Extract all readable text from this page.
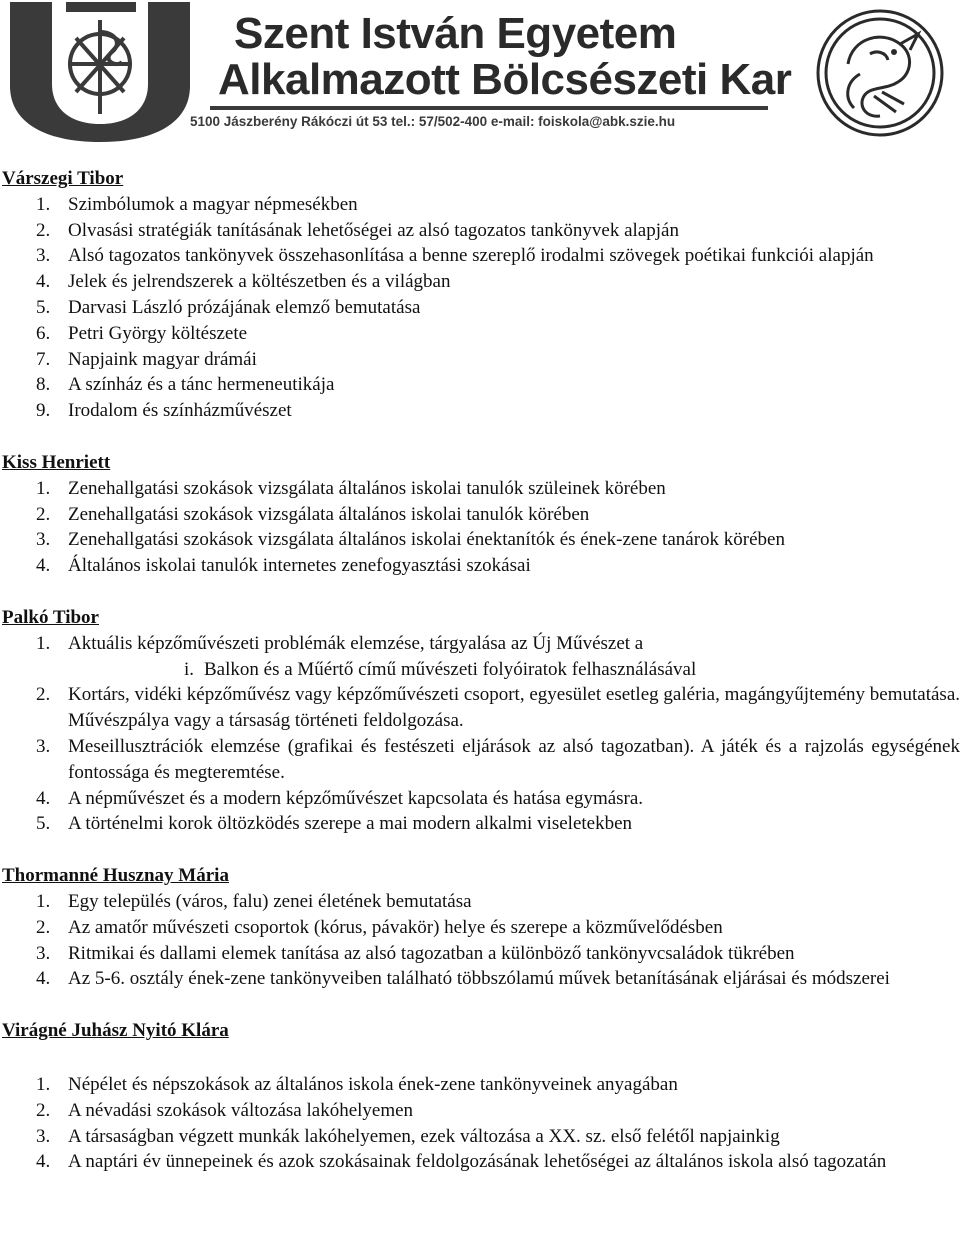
Szent István Egyetem
Alkalmazott Bölcsészeti Kar
5100 Jászberény Rákóczi út 53 tel.: 57/502-400 e-mail: foiskola@abk.szie.hu
Várszegi Tibor
1. Szimbólumok a magyar népmesékben
2. Olvasási stratégiák tanításának lehetőségei az alsó tagozatos tankönyvek alapján
3. Alsó tagozatos tankönyvek összehasonlítása a benne szereplő irodalmi szövegek poétikai funkciói alapján
4. Jelek és jelrendszerek a költészetben és a világban
5. Darvasi László prózájának elemző bemutatása
6. Petri György költészete
7. Napjaink magyar drámái
8. A színház és a tánc hermeneutikája
9. Irodalom és színházművészet
Kiss Henriett
1. Zenehallgatási szokások vizsgálata általános iskolai tanulók szüleinek körében
2. Zenehallgatási szokások vizsgálata általános iskolai tanulók körében
3. Zenehallgatási szokások vizsgálata általános iskolai énektanítók és ének-zene tanárok körében
4. Általános iskolai tanulók internetes zenefogyasztási szokásai
Palkó Tibor
1. Aktuális képzőművészeti problémák elemzése, tárgyalása az Új Művészet a
i. Balkon és a Műértő című művészeti folyóiratok felhasználásával
2. Kortárs, vidéki képzőművész vagy képzőművészeti csoport, egyesület esetleg galéria, magángyűjtemény bemutatása. Művészpálya vagy a társaság történeti feldolgozása.
3. Meseillusztrációk elemzése (grafikai és festészeti eljárások az alsó tagozatban). A játék és a rajzolás egységének fontossága és megteremtése.
4. A népművészet és a modern képzőművészet kapcsolata és hatása egymásra.
5. A történelmi korok öltözködés szerepe a mai modern alkalmi viseletekben
Thormanné Husznay Mária
1. Egy település (város, falu) zenei életének bemutatása
2. Az amatőr művészeti csoportok (kórus, pávakör) helye és szerepe a közművelődésben
3. Ritmikai és dallami elemek tanítása az alsó tagozatban a különböző tankönyvcsaládok tükrében
4. Az 5-6. osztály ének-zene tankönyveiben található többszólamú művek betanításának eljárásai és módszerei
Virágné Juhász Nyitó Klára
1. Népélet és népszokások az általános iskola ének-zene tankönyveinek anyagában
2. A névadási szokások változása lakóhelyemen
3. A társaságban végzett munkák lakóhelyemen, ezek változása a XX. sz. első felétől napjainkig
4. A naptári év ünnepeinek és azok szokásainak feldolgozásának lehetőségei az általános iskola alsó tagozatán
